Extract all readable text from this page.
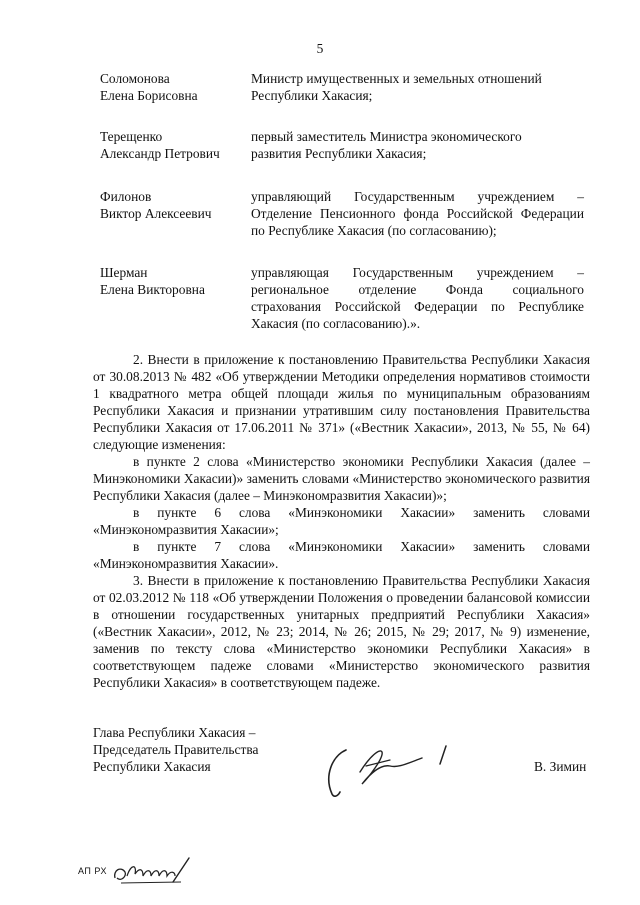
5
Соломонова
Елена Борисовна
Министр имущественных и земельных отношений
Республики Хакасия;
Терещенко
Александр Петрович
первый заместитель Министра экономического
развития Республики Хакасия;
Филонов
Виктор Алексеевич
управляющий Государственным учреждением –
Отделение Пенсионного фонда Российской Федерации
по Республике Хакасия (по согласованию);
Шерман
Елена Викторовна
управляющая Государственным учреждением –
региональное отделение Фонда социального
страхования Российской Федерации по Республике
Хакасия (по согласованию).».

2. Внести в приложение к постановлению Правительства Республики Хакасия от 30.08.2013 № 482 «Об утверждении Методики определения нормативов стоимости 1 квадратного метра общей площади жилья по муниципальным образованиям Республики Хакасия и признании утратившим силу постановления Правительства Республики Хакасия от 17.06.2011 № 371» («Вестник Хакасии», 2013, № 55, № 64) следующие изменения:

в пункте 2 слова «Министерство экономики Республики Хакасия (далее – Минэкономики Хакасии)» заменить словами «Министерство экономического развития Республики Хакасия (далее – Минэкономразвития Хакасии)»;

в пункте 6 слова «Минэкономики Хакасии» заменить словами «Минэкономразвития Хакасии»;

в пункте 7 слова «Минэкономики Хакасии» заменить словами «Минэкономразвития Хакасии».

3. Внести в приложение к постановлению Правительства Республики Хакасия от 02.03.2012 № 118 «Об утверждении Положения о проведении балансовой комиссии в отношении государственных унитарных предприятий Республики Хакасия» («Вестник Хакасии», 2012, № 23; 2014, № 26; 2015, № 29; 2017, № 9) изменение, заменив по тексту слова «Министерство экономики Республики Хакасия» в соответствующем падеже словами «Министерство экономического развития Республики Хакасия» в соответствующем падеже.

Глава Республики Хакасия –
Председатель Правительства
Республики Хакасия	В. Зимин
АП РХ
